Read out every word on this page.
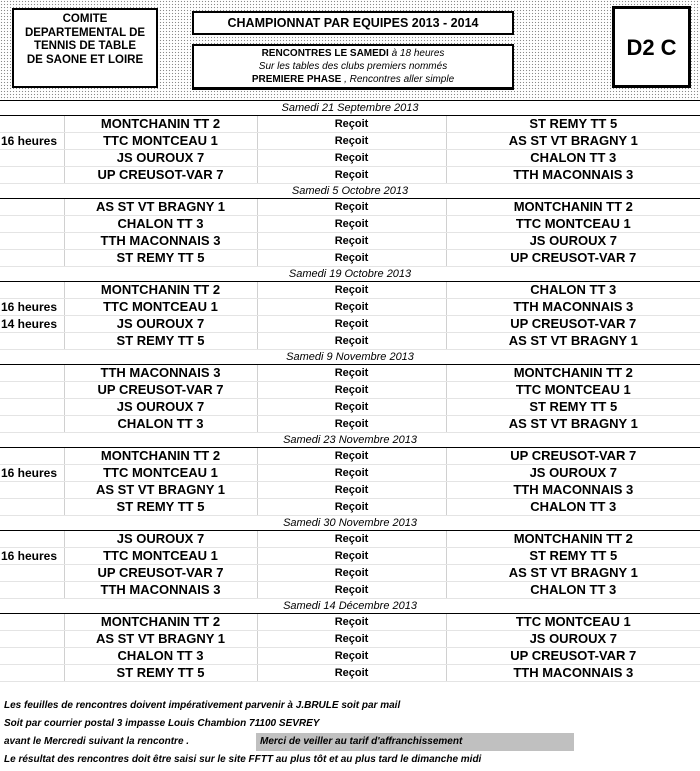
COMITE
DEPARTEMENTAL DE
TENNIS DE TABLE
DE SAONE ET LOIRE
CHAMPIONNAT PAR EQUIPES 2013 - 2014
RENCONTRES LE SAMEDI à 18 heures
Sur les tables des clubs premiers nommés
PREMIERE PHASE , Rencontres aller simple
D2 C
Samedi 21 Septembre 2013			
	MONTCHANIN TT 2	Reçoit	ST REMY TT 5
16 heures	TTC MONTCEAU 1	Reçoit	AS ST VT BRAGNY 1
	JS OUROUX 7	Reçoit	CHALON TT 3
	UP CREUSOT-VAR 7	Reçoit	TTH MACONNAIS 3
Samedi 5 Octobre 2013			
	AS ST VT BRAGNY 1	Reçoit	MONTCHANIN TT 2
	CHALON TT 3	Reçoit	TTC MONTCEAU 1
	TTH MACONNAIS 3	Reçoit	JS OUROUX 7
	ST REMY TT 5	Reçoit	UP CREUSOT-VAR 7
Samedi 19 Octobre 2013			
	MONTCHANIN TT 2	Reçoit	CHALON TT 3
16 heures	TTC MONTCEAU 1	Reçoit	TTH MACONNAIS 3
14 heures	JS OUROUX 7	Reçoit	UP CREUSOT-VAR 7
	ST REMY TT 5	Reçoit	AS ST VT BRAGNY 1
Samedi 9 Novembre 2013			
	TTH MACONNAIS 3	Reçoit	MONTCHANIN TT 2
	UP CREUSOT-VAR 7	Reçoit	TTC MONTCEAU 1
	JS OUROUX 7	Reçoit	ST REMY TT 5
	CHALON TT 3	Reçoit	AS ST VT BRAGNY 1
Samedi 23 Novembre 2013			
	MONTCHANIN TT 2	Reçoit	UP CREUSOT-VAR 7
16 heures	TTC MONTCEAU 1	Reçoit	JS OUROUX 7
	AS ST VT BRAGNY 1	Reçoit	TTH MACONNAIS 3
	ST REMY TT 5	Reçoit	CHALON TT 3
Samedi 30 Novembre 2013			
	JS OUROUX 7	Reçoit	MONTCHANIN TT 2
16 heures	TTC MONTCEAU 1	Reçoit	ST REMY TT 5
	UP CREUSOT-VAR 7	Reçoit	AS ST VT BRAGNY 1
	TTH MACONNAIS 3	Reçoit	CHALON TT 3
Samedi 14 Décembre 2013			
	MONTCHANIN TT 2	Reçoit	TTC MONTCEAU 1
	AS ST VT BRAGNY 1	Reçoit	JS OUROUX 7
	CHALON TT 3	Reçoit	UP CREUSOT-VAR 7
	ST REMY TT 5	Reçoit	TTH MACONNAIS 3
Les feuilles de rencontres doivent impérativement parvenir à J.BRULE soit par mail
Soit par courrier postal 3 impasse Louis Chambion 71100 SEVREY
avant le Mercredi suivant la rencontre .	Merci de veiller au tarif d'affranchissement
Le résultat des rencontres doit être saisi sur le site FFTT au plus tôt et au plus tard le dimanche midi
